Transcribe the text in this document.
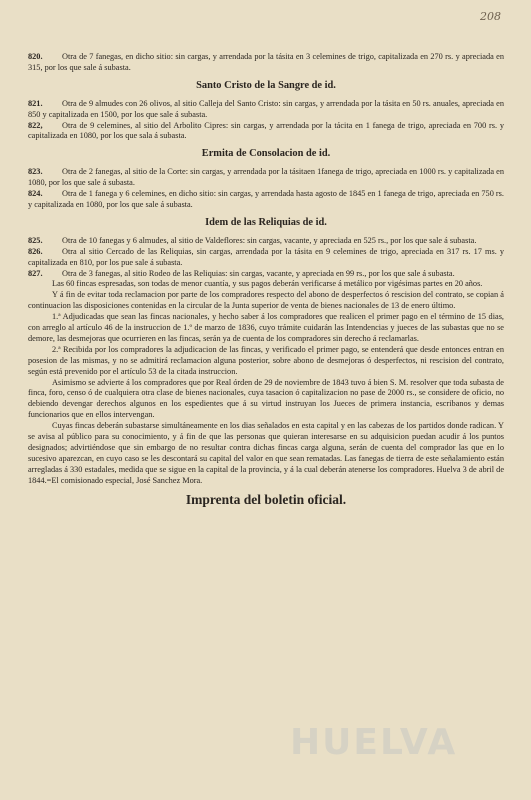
208

820. Otra de 7 fanegas, en dicho sitio: sin cargas, y arrendada por la tásita en 3 celemines de trigo, capitalizada en 270 rs. y apreciada en 315, por los que sale á subasta.

Santo Cristo de la Sangre de id.

821. Otra de 9 almudes con 26 olivos, al sitio Calleja del Santo Cristo: sin cargas, y arrendada por la tásita en 50 rs. anuales, apreciada en 850 y capitalizada en 1500, por los que sale á subasta.

822, Otra de 9 celemines, al sitio del Arbolito Cipres: sin cargas, y arrendada por la tácita en 1 fanega de trigo, apreciada en 700 rs. y capitalizada en 1080, por los que sala á subasta.

Ermita de Consolacion de id.

823. Otra de 2 fanegas, al sitio de la Corte: sin cargas, y arrendada por la tásitaen 1fanega de trigo, apreciada en 1000 rs. y capitalizada en 1080, por los que sale á subasta.

824. Otra de 1 fanega y 6 celemines, en dicho sitio: sin cargas, y arrendada hasta agosto de 1845 en 1 fanega de trigo, apreciada en 750 rs. y capitalizada en 1080, por los que sale á subasta.

Idem de las Reliquias de id.

825. Otra de 10 fanegas y 6 almudes, al sitio de Valdeflores: sin cargas, vacante, y apreciada en 525 rs., por los que sale á subasta.

826. Otra al sitio Cercado de las Reliquias, sin cargas, arrendada por la tásita en 9 celemines de trigo, apreciada en 317 rs. 17 ms. y capitalizada en 810, por los pue sale á subasta.

827. Otra de 3 fanegas, al sitio Rodeo de las Reliquias: sin cargas, vacante, y apreciada en 99 rs., por los que sale á subasta.

Las 60 fincas espresadas, son todas de menor cuantía, y sus pagos deberán verificarse á metálico por vigésimas partes en 20 años.

Y á fin de evitar toda reclamacion por parte de los compradores respecto del abono de desperfectos ó rescision del contrato, se copian á continuacion las disposiciones contenidas en la circular de la Junta superior de venta de bienes nacionales de 13 de enero último.

1.ª Adjudicadas que sean las fincas nacionales, y hecho saber á los compradores que realicen el primer pago en el término de 15 dias, con arreglo al artículo 46 de la instruccion de 1.º de marzo de 1836, cuyo trámite cuidarán las Intendencias y jueces de las subastas que no se demore, las desmejoras que ocurrieren en las fincas, serán ya de cuenta de los compradores sin derecho á reclamarlas.

2.ª Recibida por los compradores la adjudicacion de las fincas, y verificado el primer pago, se entenderá que desde entonces entran en posesion de las mismas, y no se admitirá reclamacion alguna posterior, sobre abono de desmejoras ó desperfectos, ni rescision del contrato, según está prevenido por el artículo 53 de la citada instruccion.

Asimismo se advierte á los compradores que por Real órden de 29 de noviembre de 1843 tuvo á bien S. M. resolver que toda subasta de finca, foro, censo ó de cualquiera otra clase de bienes nacionales, cuya tasacion ó capitalizacion no pase de 2000 rs., se considere de oficio, no debiendo devengar derechos algunos en los espedientes que á su virtud instruyan los Jueces de primera instancia, escribanos y demas funcionarios que en ellos intervengan.

Cuyas fincas deberán subastarse simultáneamente en los dias señalados en esta capital y en las cabezas de los partidos donde radican. Y se avisa al público para su conocimiento, y á fin de que las personas que quieran interesarse en su adquisicion puedan acudir á los puntos designados; advirtiéndose que sin embargo de no resultar contra dichas fincas carga alguna, serán de cuenta del comprador las que en lo sucesivo aparezcan, en cuyo caso se les descontará su capital del valor en que sean rematadas. Las fanegas de tierra de este señalamiento están arregladas á 330 estadales, medida que se sigue en la capital de la provincia, y á la cual deberán atenerse los compradores. Huelva 3 de abril de 1844.=El comisionado especial, José Sanchez Mora.

Imprenta del boletin oficial.
HUELVA
